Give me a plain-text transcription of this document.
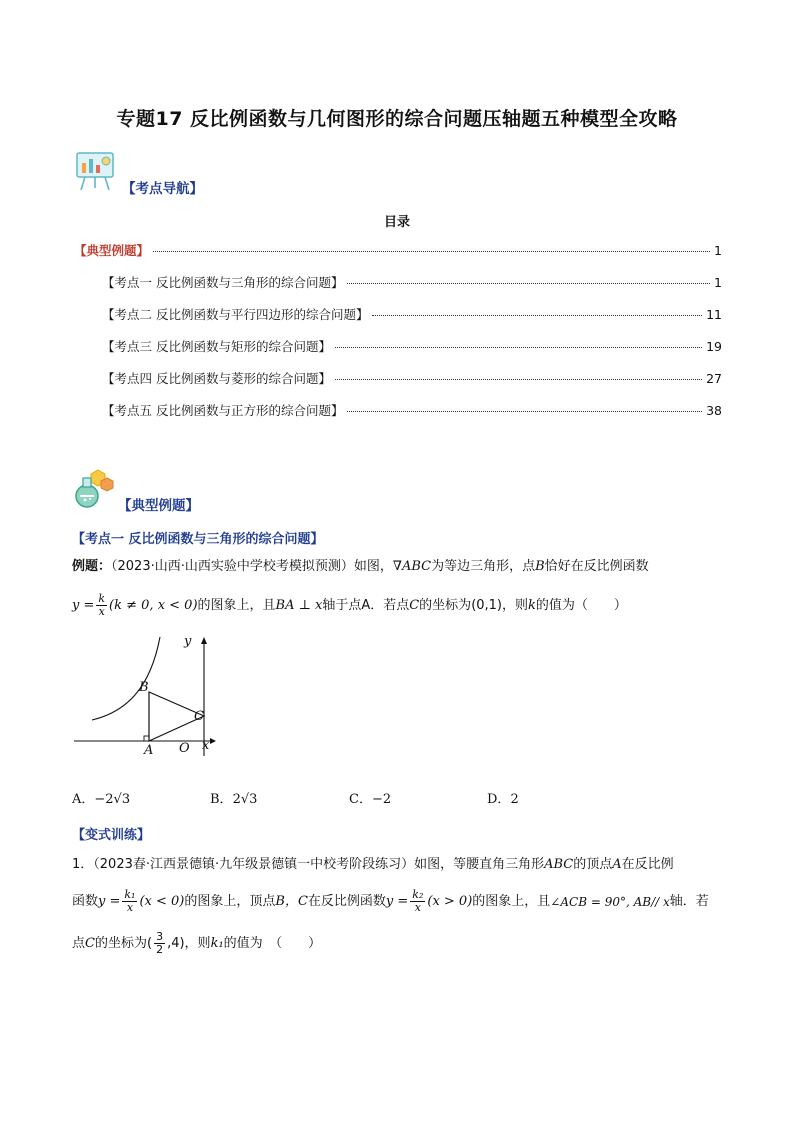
专题17 反比例函数与几何图形的综合问题压轴题五种模型全攻略
【考点导航】
目录
【典型例题】	1
【考点一 反比例函数与三角形的综合问题】	1
【考点二 反比例函数与平行四边形的综合问题】	11
【考点三 反比例函数与矩形的综合问题】	19
【考点四 反比例函数与菱形的综合问题】	27
【考点五 反比例函数与正方形的综合问题】	38
【典型例题】
【考点一 反比例函数与三角形的综合问题】
例题：（2023·山西·山西实验中学校考模拟预测）如图，∇ABC为等边三角形，点B恰好在反比例函数
$y = \frac{k}{x} (k \ne 0$, x < 0) 的图象上，且 BA ⊥ x 轴于点A．若点 C 的坐标为 (0,1) ，则 k 的值为（　　）
y
x
B
C
A O
A．−2√3	B．2√3	C．−2	D．2
【变式训练】
1．（2023春·江西景德镇·九年级景德镇一中校考阶段练习）如图，等腰直角三角形ABC的顶点A在反比例
函数 $y = \frac{\text{k₁}}{x} (x < 0)$ 的图象上，顶点 B，C 在反比例函数 $y = \frac{\text{k₂}}{x} (x > 0)$ 的图象上，且 ∠ACB = 90°, AB// x 轴．若
点 C 的坐标为 ( $\frac{3}{2} ,4$) ，则 k₁ 的值为　（　　）
